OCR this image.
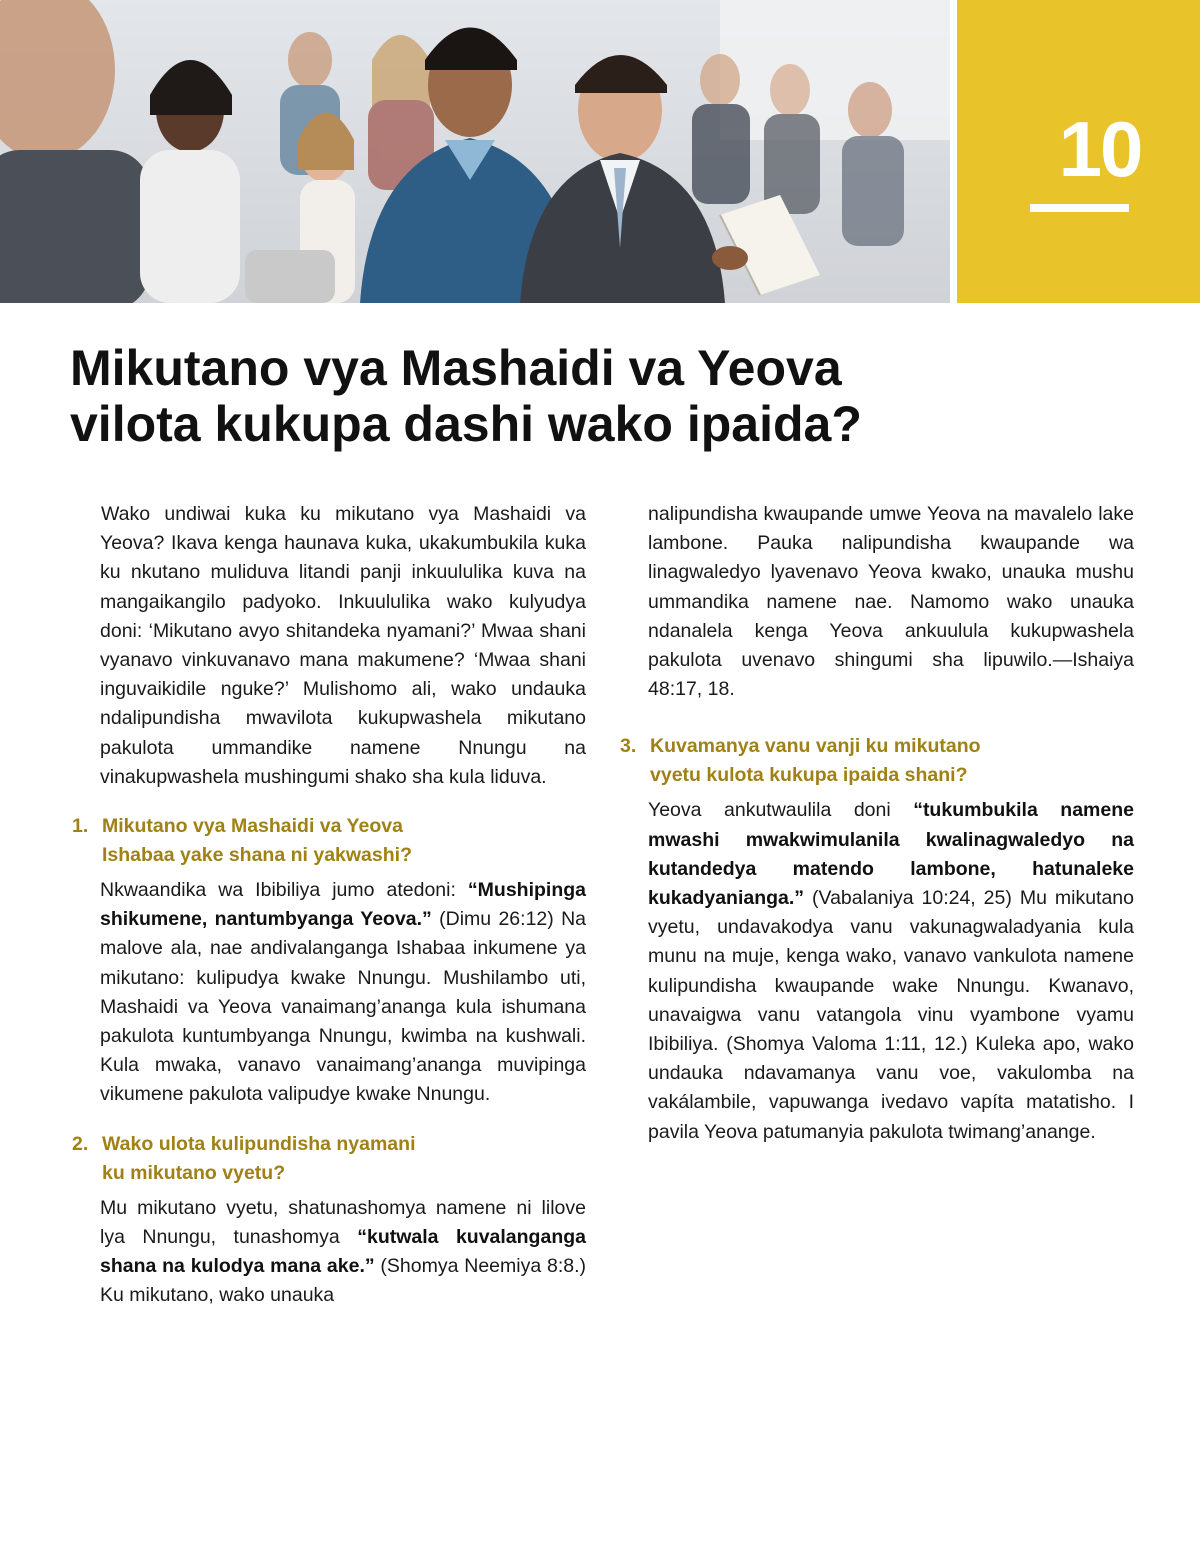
10
Mikutano vya Mashaidi va Yeova
vilota kukupa dashi wako ipaida?

Wako undiwai kuka ku mikutano vya Mashaidi va Yeova? Ikava kenga haunava kuka, ukakumbukila kuka ku nkutano muliduva litandi panji inkuululika kuva na mangaikangilo padyoko. Inkuululika wako kulyudya doni: ‘Mikutano avyo shitandeka nyamani?’ Mwaa shani vyanavo vinkuvanavo mana makumene? ‘Mwaa shani inguvaikidile nguke?’ Mulishomo ali, wako undauka ndalipundisha mwavilota kukupwashela mikutano pakulota ummandike namene Nnungu na vinakupwashela mushingumi shako sha kula liduva.

1. Mikutano vya Mashaidi va Yeova
Ishabaa yake shana ni yakwashi?

Nkwaandika wa Ibibiliya jumo atedoni: “Mushipinga shikumene, nantumbyanga Yeova.” (Dimu 26:12) Na malove ala, nae andivalanganga Ishabaa inkumene ya mikutano: kulipudya kwake Nnungu. Mushilambo uti, Mashaidi va Yeova vanaimang’ananga kula ishumana pakulota kuntumbyanga Nnungu, kwimba na kushwali. Kula mwaka, vanavo vanaimang’ananga muvipinga vikumene pakulota valipudye kwake Nnungu.

2. Wako ulota kulipundisha nyamani
ku mikutano vyetu?

Mu mikutano vyetu, shatunashomya namene ni lilove lya Nnungu, tunashomya “kutwala kuvalanganga shana na kulodya mana ake.” (Shomya Neemiya 8:8.) Ku mikutano, wako unauka

nalipundisha kwaupande umwe Yeova na mavalelo lake lambone. Pauka nalipundisha kwaupande wa linagwaledyo lyavenavo Yeova kwako, unauka mushu ummandika namene nae. Namomo wako unauka ndanalela kenga Yeova ankuulula kukupwashela pakulota uvenavo shingumi sha lipuwilo.—Ishaiya 48:17, 18.

3. Kuvamanya vanu vanji ku mikutano
vyetu kulota kukupa ipaida shani?

Yeova ankutwaulila doni “tukumbukila namene mwashi mwakwimulanila kwalinagwaledyo na kutandedya matendo lambone, hatunaleke kukadyanianga.” (Vabalaniya 10:24, 25) Mu mikutano vyetu, undavakodya vanu vakunagwaladyania kula munu na muje, kenga wako, vanavo vankulota namene kulipundisha kwaupande wake Nnungu. Kwanavo, unavaigwa vanu vatangola vinu vyambone vyamu Ibibiliya. (Shomya Valoma 1:11, 12.) Kuleka apo, wako undauka ndavamanya vanu voe, vakulomba na vakálambile, vapuwanga ivedavo vapíta matatisho. I pavila Yeova patumanyia pakulota twimang’anange.
